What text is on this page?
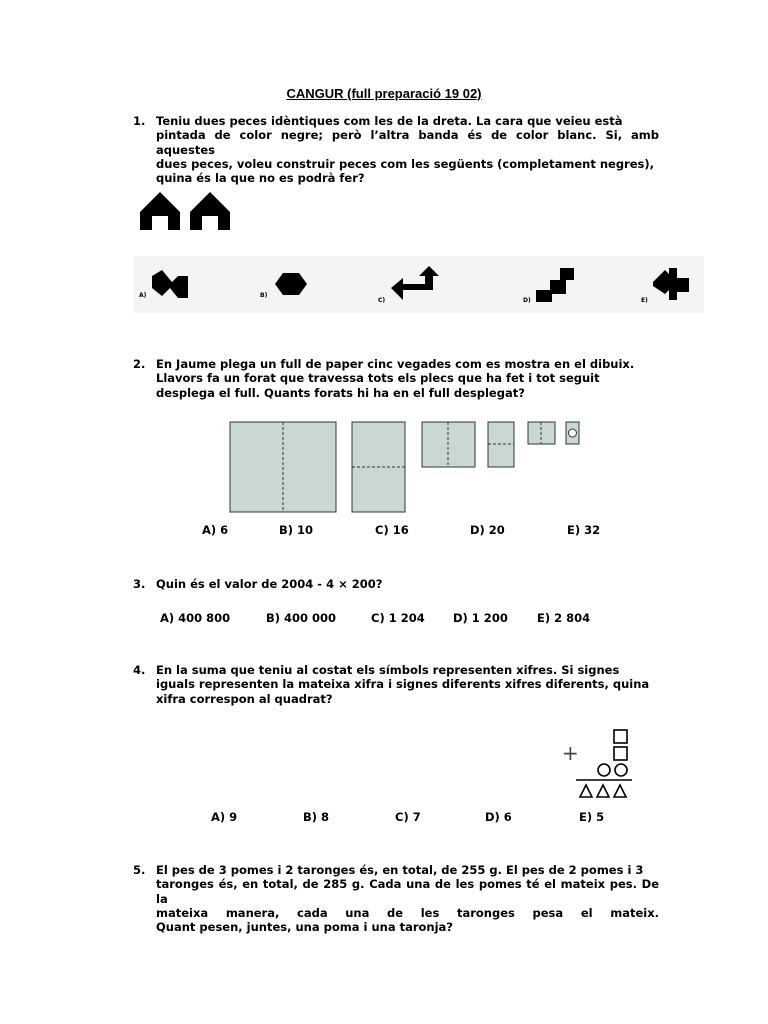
CANGUR (full preparació 19 02)
1. Teniu dues peces idèntiques com les de la dreta. La cara que veieu està
pintada de color negre; però l’altra banda és de color blanc. Si, amb aquestes
dues peces, voleu construir peces com les següents (completament negres),
quina és la que no es podrà fer?
A)	B)
C)	D)	E)
2. En Jaume plega un full de paper cinc vegades com es mostra en el dibuix.
Llavors fa un forat que travessa tots els plecs que ha fet i tot seguit
desplega el full. Quants forats hi ha en el full desplegat?
A) 6	B) 10	C) 16	D) 20	E) 32
3. Quin és el valor de 2004 - 4 × 200?
A) 400 800	B) 400 000	C) 1 204 D) 1 200	E) 2 804
4. En la suma que teniu al costat els símbols representen xifres. Si signes
iguals representen la mateixa xifra i signes diferents xifres diferents, quina
xifra correspon al quadrat?
+
A) 9	B) 8	C) 7	D) 6	E) 5
5. El pes de 3 pomes i 2 taronges és, en total, de 255 g. El pes de 2 pomes i 3
taronges és, en total, de 285 g. Cada una de les pomes té el mateix pes. De la
mateixa manera, cada una de les taronges pesa el mateix.
Quant pesen, juntes, una poma i una taronja?
